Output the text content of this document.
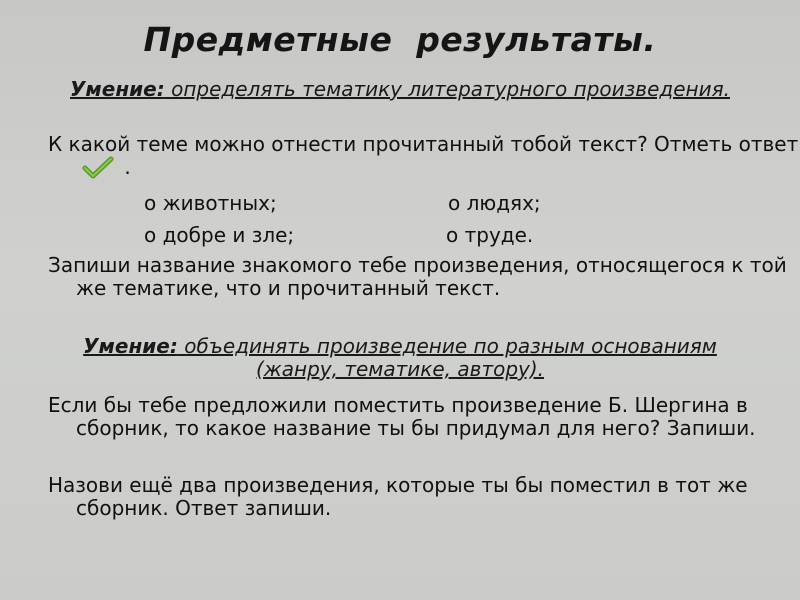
Предметные  результаты.
Умение: определять тематику литературного произведения.
К какой теме можно отнести прочитанный тобой текст? Отметь ответ
.
о животных;	о людях;
о добре и зле;	о труде.
Запиши название знакомого тебе произведения, относящегося к той же тематике, что и прочитанный текст.
Умение: объединять произведение по разным основаниям (жанру, тематике, автору).
Если бы тебе предложили поместить произведение Б. Шергина в сборник, то какое название ты бы придумал для него? Запиши.
Назови ещё два произведения, которые ты бы поместил в тот же сборник. Ответ запиши.
